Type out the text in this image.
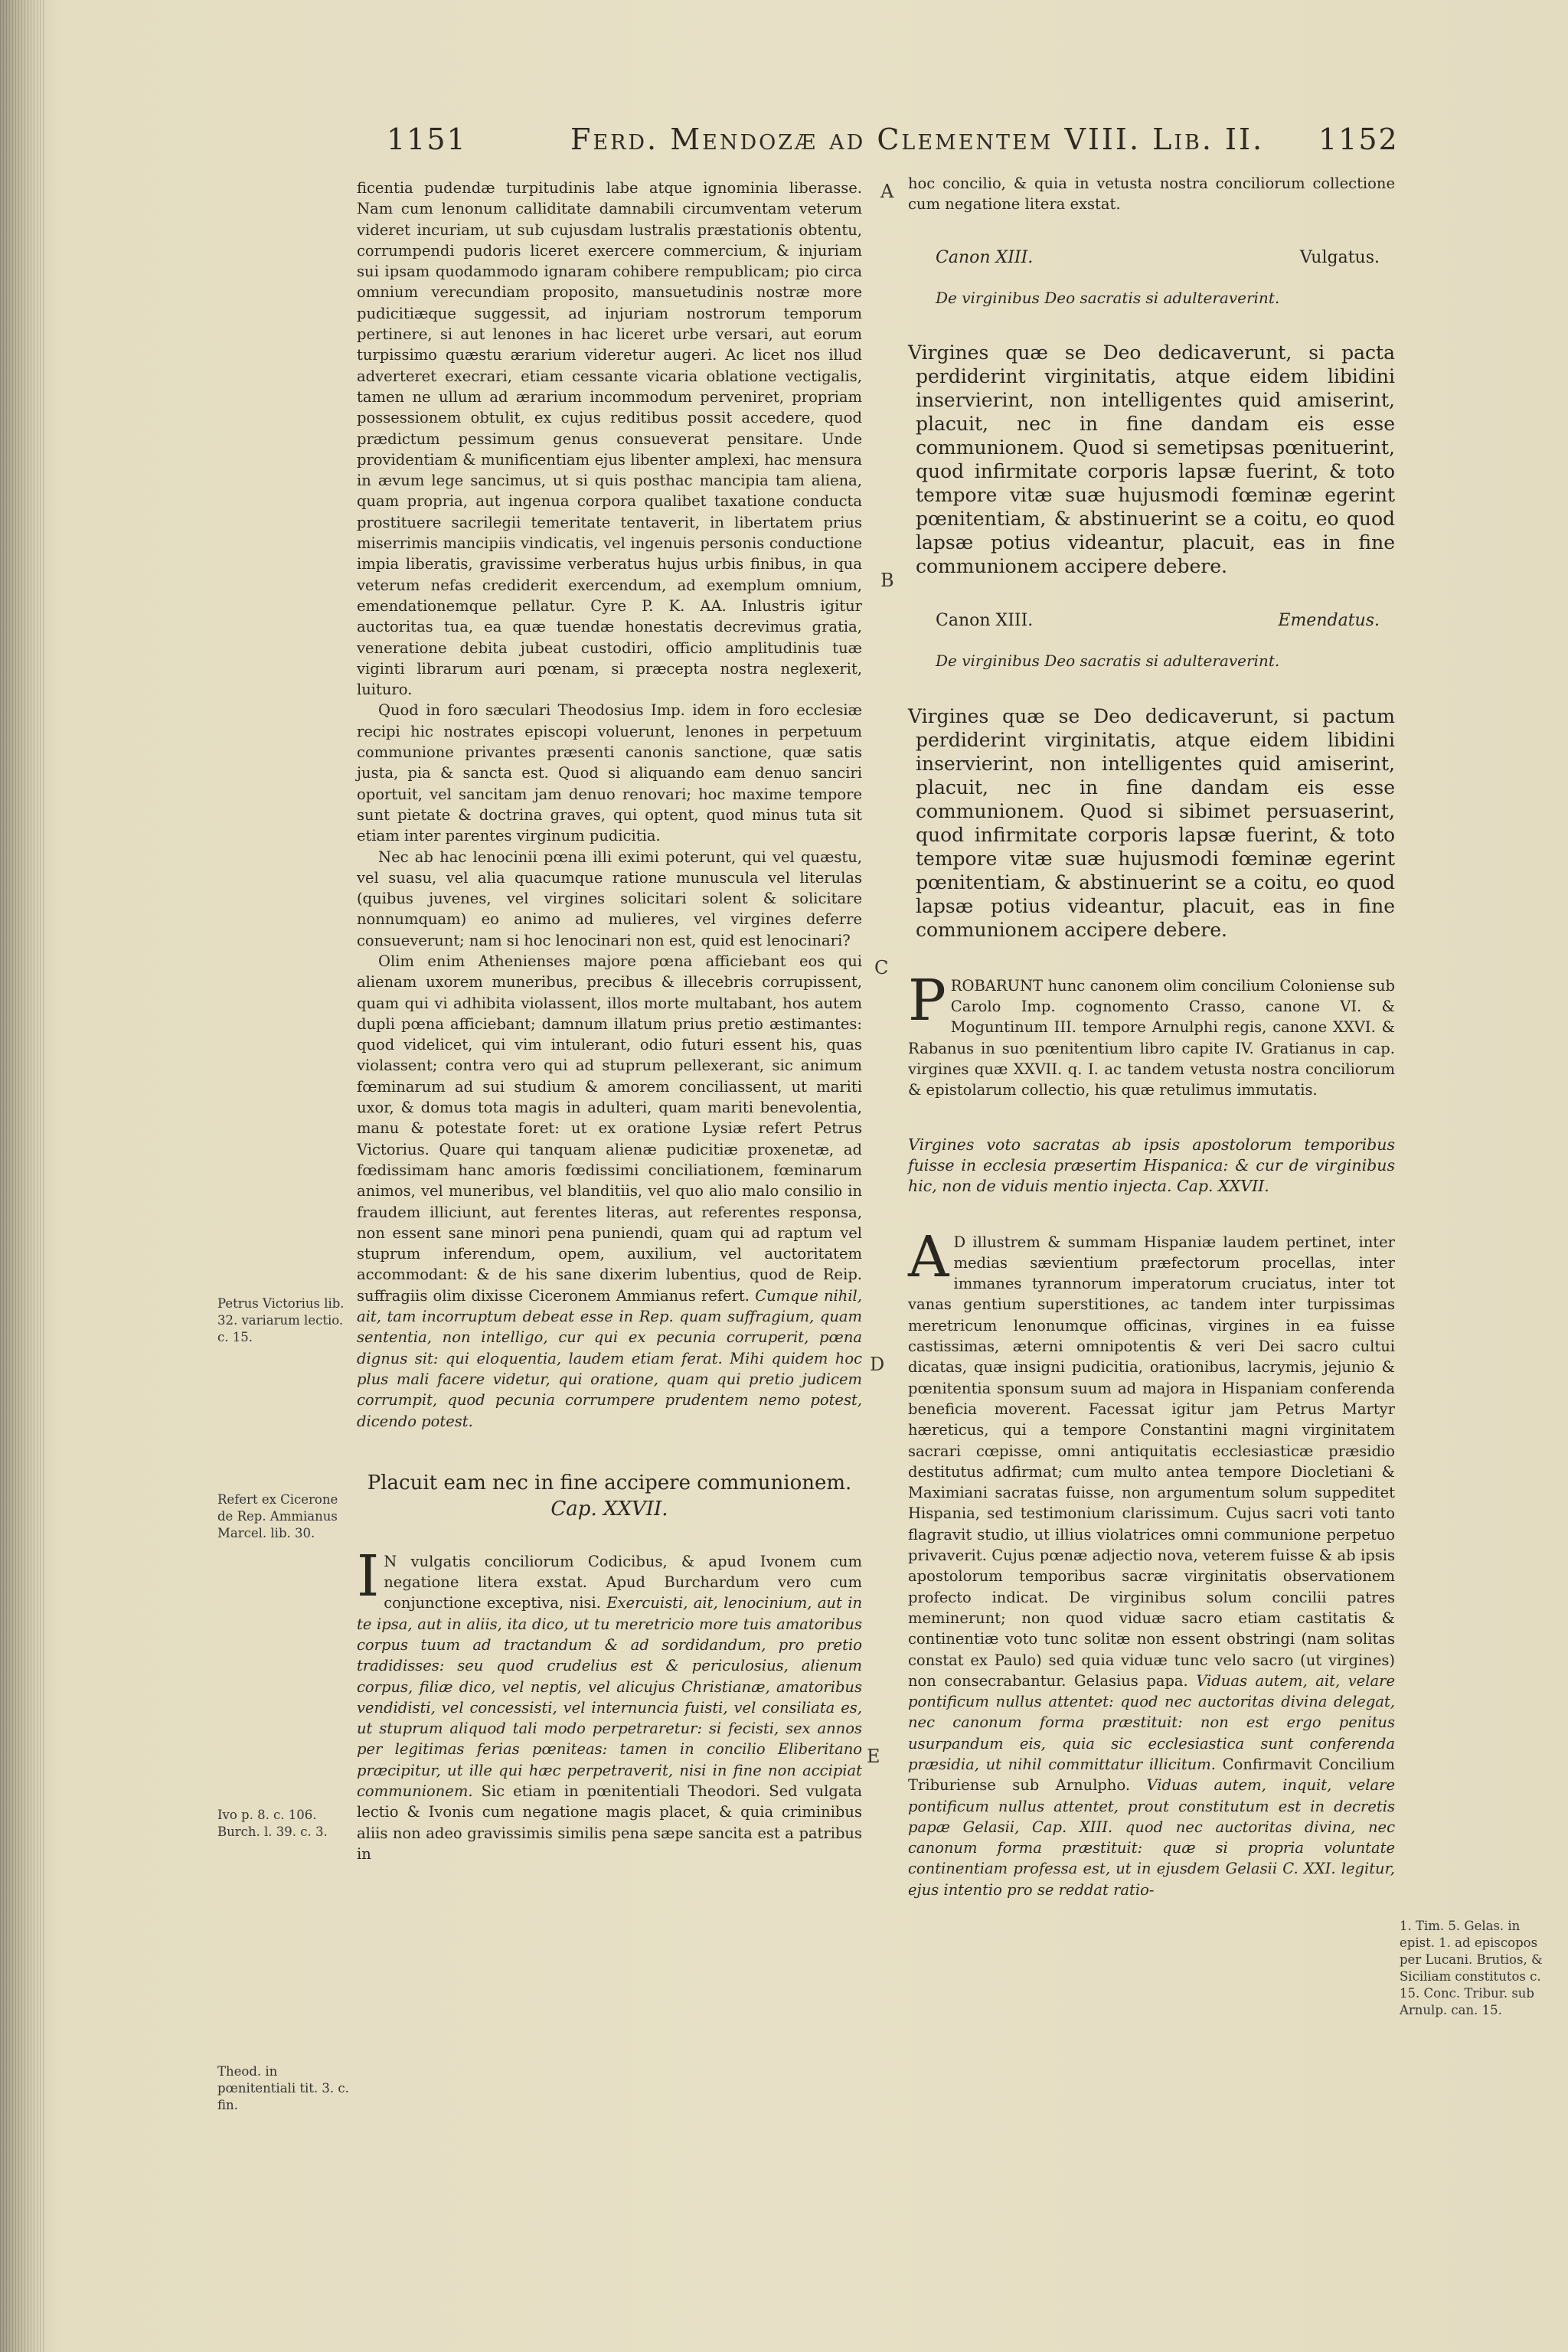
1151	Ferd. Mendozæ ad Clementem VIII. Lib. II. 1152
A
B
C
D
E

ficentia pudendæ turpitudinis labe atque ignominia liberasse. Nam cum lenonum calliditate damnabili circumventam veterum videret incuriam, ut sub cujusdam lustralis præstationis obtentu, corrumpendi pudoris liceret exercere commercium, & injuriam sui ipsam quodammodo ignaram cohibere rempublicam; pio circa omnium verecundiam proposito, mansuetudinis nostræ more pudicitiæque suggessit, ad injuriam nostrorum temporum pertinere, si aut lenones in hac liceret urbe versari, aut eorum turpissimo quæstu ærarium videretur augeri. Ac licet nos illud adverteret execrari, etiam cessante vicaria oblatione vectigalis, tamen ne ullum ad ærarium incommodum perveniret, propriam possessionem obtulit, ex cujus reditibus possit accedere, quod prædictum pessimum genus consueverat pensitare. Unde providentiam & munificentiam ejus libenter amplexi, hac mensura in ævum lege sancimus, ut si quis posthac mancipia tam aliena, quam propria, aut ingenua corpora qualibet taxatione conducta prostituere sacrilegii temeritate tentaverit, in libertatem prius miserrimis mancipiis vindicatis, vel ingenuis personis conductione impia liberatis, gravissime verberatus hujus urbis finibus, in qua veterum nefas crediderit exercendum, ad exemplum omnium, emendationemque pellatur. Cyre P. K. AA. Inlustris igitur auctoritas tua, ea quæ tuendæ honestatis decrevimus gratia, veneratione debita jubeat custodiri, officio amplitudinis tuæ viginti librarum auri pœnam, si præcepta nostra neglexerit, luituro.

Quod in foro sæculari Theodosius Imp. idem in foro ecclesiæ recipi hic nostrates episcopi voluerunt, lenones in perpetuum communione privantes præsenti canonis sanctione, quæ satis justa, pia & sancta est. Quod si aliquando eam denuo sanciri oportuit, vel sancitam jam denuo renovari; hoc maxime tempore sunt pietate & doctrina graves, qui optent, quod minus tuta sit etiam inter parentes virginum pudicitia.

Nec ab hac lenocinii pœna illi eximi poterunt, qui vel quæstu, vel suasu, vel alia quacumque ratione munuscula vel literulas (quibus juvenes, vel virgines solicitari solent & solicitare nonnumquam) eo animo ad mulieres, vel virgines deferre consueverunt; nam si hoc lenocinari non est, quid est lenocinari?

Olim enim Athenienses majore pœna afficiebant eos qui alienam uxorem muneribus, precibus & illecebris corrupissent, quam qui vi adhibita violassent, illos morte multabant, hos autem dupli pœna afficiebant; damnum illatum prius pretio æstimantes: quod videlicet, qui vim intulerant, odio futuri essent his, quas violassent; contra vero qui ad stuprum pellexerant, sic animum fœminarum ad sui studium & amorem conciliassent, ut mariti uxor, & domus tota magis in adulteri, quam mariti benevolentia, manu & potestate foret: ut ex oratione Lysiæ refert Petrus Victorius. Quare qui tanquam alienæ pudicitiæ proxenetæ, ad fœdissimam hanc amoris fœdissimi conciliationem, fœminarum animos, vel muneribus, vel blanditiis, vel quo alio malo consilio in fraudem illiciunt, aut ferentes literas, aut referentes responsa, non essent sane minori pena puniendi, quam qui ad raptum vel stuprum inferendum, opem, auxilium, vel auctoritatem accommodant: & de his sane dixerim lubentius, quod de Reip. suffragiis olim dixisse Ciceronem Ammianus refert. Cumque nihil, ait, tam incorruptum debeat esse in Rep. quam suffragium, quam sententia, non intelligo, cur qui ex pecunia corruperit, pœna dignus sit: qui eloquentia, laudem etiam ferat. Mihi quidem hoc plus mali facere videtur, qui oratione, quam qui pretio judicem corrumpit, quod pecunia corrumpere prudentem nemo potest, dicendo potest.

Placuit eam nec in fine accipere communionem. Cap. XXVII.

I N vulgatis conciliorum Codicibus, & apud Ivonem cum negatione litera exstat. Apud Burchardum vero cum conjunctione exceptiva, nisi. Exercuisti, ait, lenocinium, aut in te ipsa, aut in aliis, ita dico, ut tu meretricio more tuis amatoribus corpus tuum ad tractandum & ad sordidandum, pro pretio tradidisses: seu quod crudelius est & periculosius, alienum corpus, filiæ dico, vel neptis, vel alicujus Christianæ, amatoribus vendidisti, vel concessisti, vel internuncia fuisti, vel consiliata es, ut stuprum aliquod tali modo perpetraretur: si fecisti, sex annos per legitimas ferias pœniteas: tamen in concilio Eliberitano præcipitur, ut ille qui hæc perpetraverit, nisi in fine non accipiat communionem. Sic etiam in pœnitentiali Theodori. Sed vulgata lectio & Ivonis cum negatione magis placet, & quia criminibus aliis non adeo gravissimis similis pena sæpe sancita est a patribus in

hoc concilio, & quia in vetusta nostra conciliorum collectione cum negatione litera exstat.

Canon XIII.	Vulgatus.
De virginibus Deo sacratis si adulteraverint.

Virgines quæ se Deo dedicaverunt, si pacta perdiderint virginitatis, atque eidem libidini inservierint, non intelligentes quid amiserint, placuit, nec in fine dandam eis esse communionem. Quod si semetipsas pœnituerint, quod infirmitate corporis lapsæ fuerint, & toto tempore vitæ suæ hujusmodi fœminæ egerint pœnitentiam, & abstinuerint se a coitu, eo quod lapsæ potius videantur, placuit, eas in fine communionem accipere debere.

Canon XIII.	Emendatus.
De virginibus Deo sacratis si adulteraverint.

Virgines quæ se Deo dedicaverunt, si pactum perdiderint virginitatis, atque eidem libidini inservierint, non intelligentes quid amiserint, placuit, nec in fine dandam eis esse communionem. Quod si sibimet persuaserint, quod infirmitate corporis lapsæ fuerint, & toto tempore vitæ suæ hujusmodi fœminæ egerint pœnitentiam, & abstinuerint se a coitu, eo quod lapsæ potius videantur, placuit, eas in fine communionem accipere debere.

P ROBARUNT hunc canonem olim concilium Coloniense sub Carolo Imp. cognomento Crasso, canone VI. & Moguntinum III. tempore Arnulphi regis, canone XXVI. & Rabanus in suo pœnitentium libro capite IV. Gratianus in cap. virgines quæ XXVII. q. I. ac tandem vetusta nostra conciliorum & epistolarum collectio, his quæ retulimus immutatis.

Virgines voto sacratas ab ipsis apostolorum temporibus fuisse in ecclesia præsertim Hispanica: & cur de virginibus hic, non de viduis mentio injecta. Cap. XXVII.

A D illustrem & summam Hispaniæ laudem pertinet, inter medias sævientium præfectorum procellas, inter immanes tyrannorum imperatorum cruciatus, inter tot vanas gentium superstitiones, ac tandem inter turpissimas meretricum lenonumque officinas, virgines in ea fuisse castissimas, æterni omnipotentis & veri Dei sacro cultui dicatas, quæ insigni pudicitia, orationibus, lacrymis, jejunio & pœnitentia sponsum suum ad majora in Hispaniam conferenda beneficia moverent. Facessat igitur jam Petrus Martyr hæreticus, qui a tempore Constantini magni virginitatem sacrari cœpisse, omni antiquitatis ecclesiasticæ præsidio destitutus adfirmat; cum multo antea tempore Diocletiani & Maximiani sacratas fuisse, non argumentum solum suppeditet Hispania, sed testimonium clarissimum. Cujus sacri voti tanto flagravit studio, ut illius violatrices omni communione perpetuo privaverit. Cujus pœnæ adjectio nova, veterem fuisse & ab ipsis apostolorum temporibus sacræ virginitatis observationem profecto indicat. De virginibus solum concilii patres meminerunt; non quod viduæ sacro etiam castitatis & continentiæ voto tunc solitæ non essent obstringi (nam solitas constat ex Paulo) sed quia viduæ tunc velo sacro (ut virgines) non consecrabantur. Gelasius papa. Viduas autem, ait, velare pontificum nullus attentet: quod nec auctoritas divina delegat, nec canonum forma præstituit: non est ergo penitus usurpandum eis, quia sic ecclesiastica sunt conferenda præsidia, ut nihil committatur illicitum. Confirmavit Concilium Triburiense sub Arnulpho. Viduas autem, inquit, velare pontificum nullus attentet, prout constitutum est in decretis papæ Gelasii, Cap. XIII. quod nec auctoritas divina, nec canonum forma præstituit: quæ si propria voluntate continentiam professa est, ut in ejusdem Gelasii C. XXI. legitur, ejus intentio pro se reddat ratio-

Petrus Victorius lib. 32. variarum lectio. c. 15.
Refert ex Cicerone de Rep. Ammianus Marcel. lib. 30.
Ivo p. 8. c. 106. Burch. l. 39. c. 3.
Theod. in pœnitentiali tit. 3. c. fin.
1. Tim. 5. Gelas. in epist. 1. ad episcopos per Lucani. Brutios, & Siciliam constitutos c. 15. Conc. Tribur. sub Arnulp. can. 15.
